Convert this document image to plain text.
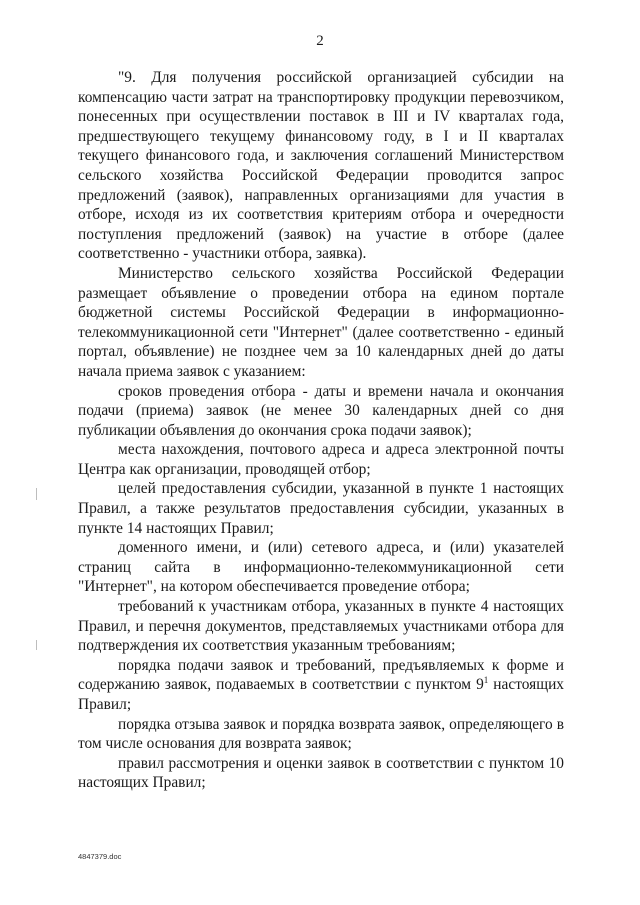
2

"9. Для получения российской организацией субсидии на компенсацию части затрат на транспортировку продукции перевозчиком, понесенных при осуществлении поставок в III и IV кварталах года, предшествующего текущему финансовому году, в I и II кварталах текущего финансового года, и заключения соглашений Министерством сельского хозяйства Российской Федерации проводится запрос предложений (заявок), направленных организациями для участия в отборе, исходя из их соответствия критериям отбора и очередности поступления предложений (заявок) на участие в отборе (далее соответственно - участники отбора, заявка).

Министерство сельского хозяйства Российской Федерации размещает объявление о проведении отбора на едином портале бюджетной системы Российской Федерации в информационно-телекоммуникационной сети "Интернет" (далее соответственно - единый портал, объявление) не позднее чем за 10 календарных дней до даты начала приема заявок с указанием:

сроков проведения отбора - даты и времени начала и окончания подачи (приема) заявок (не менее 30 календарных дней со дня публикации объявления до окончания срока подачи заявок);

места нахождения, почтового адреса и адреса электронной почты Центра как организации, проводящей отбор;

целей предоставления субсидии, указанной в пункте 1 настоящих Правил, а также результатов предоставления субсидии, указанных в пункте 14 настоящих Правил;

доменного имени, и (или) сетевого адреса, и (или) указателей страниц сайта в информационно-телекоммуникационной сети "Интернет", на котором обеспечивается проведение отбора;

требований к участникам отбора, указанных в пункте 4 настоящих Правил, и перечня документов, представляемых участниками отбора для подтверждения их соответствия указанным требованиям;

порядка подачи заявок и требований, предъявляемых к форме и содержанию заявок, подаваемых в соответствии с пунктом $9^1$ настоящих Правил;

порядка отзыва заявок и порядка возврата заявок, определяющего в том числе основания для возврата заявок;

правил рассмотрения и оценки заявок в соответствии с пунктом 10 настоящих Правил;

4847379.doc
